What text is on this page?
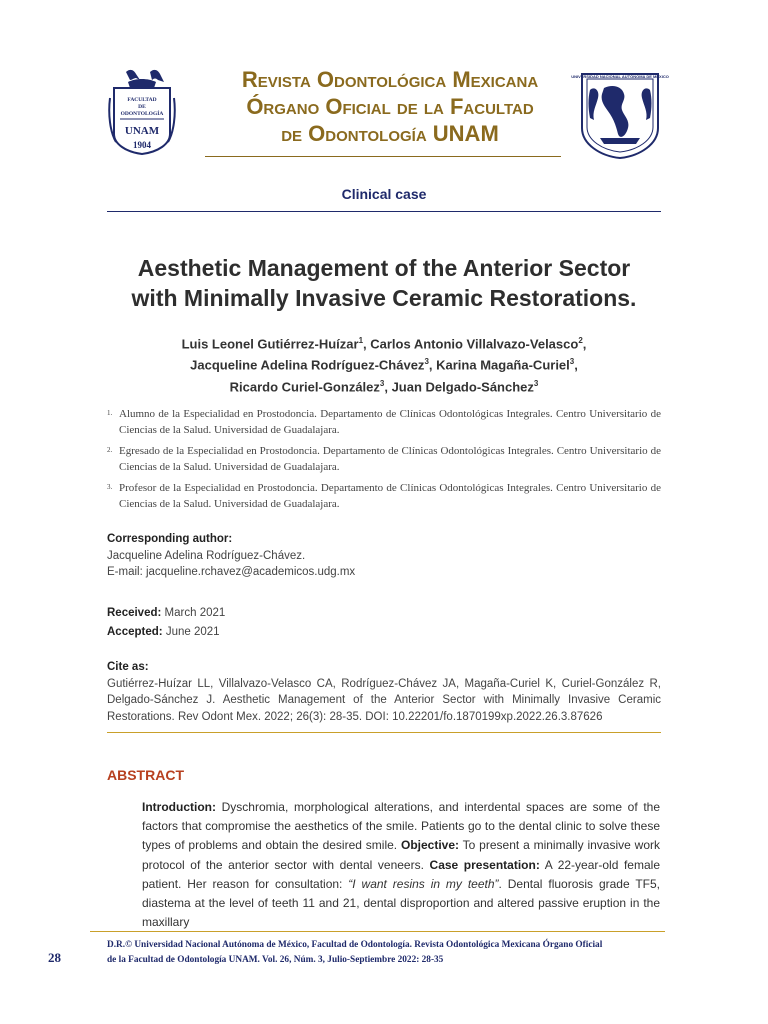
FACULTAD
DE
ODONTOLOGÍA
UNAM
1904
Revista Odontológica Mexicana
Órgano Oficial de la Facultad
de Odontología UNAM
UNIVERSIDAD NACIONAL AUTÓNOMA DE MÉXICO
Clinical case
Aesthetic Management of the Anterior Sector
with Minimally Invasive Ceramic Restorations.
Luis Leonel Gutiérrez-Huízar$^1$, Carlos Antonio Villalvazo-Velasco$^2$,
Jacqueline Adelina Rodríguez-Chávez$^3$, Karina Magaña-Curiel$^3$,
Ricardo Curiel-González$^3$, Juan Delgado-Sánchez$^3$
1. Alumno de la Especialidad en Prostodoncia. Departamento de Clínicas Odontológicas Integrales. Centro Universitario de Ciencias de la Salud. Universidad de Guadalajara.
2. Egresado de la Especialidad en Prostodoncia. Departamento de Clínicas Odontológicas Integrales. Centro Universitario de Ciencias de la Salud. Universidad de Guadalajara.
3. Profesor de la Especialidad en Prostodoncia. Departamento de Clínicas Odontológicas Integrales. Centro Universitario de Ciencias de la Salud. Universidad de Guadalajara.
Corresponding author:
Jacqueline Adelina Rodríguez-Chávez.
E-mail: jacqueline.rchavez@academicos.udg.mx
Received: March 2021
Accepted: June 2021
Cite as:
Gutiérrez-Huízar LL, Villalvazo-Velasco CA, Rodríguez-Chávez JA, Magaña-Curiel K, Curiel-González R, Delgado-Sánchez J. Aesthetic Management of the Anterior Sector with Minimally Invasive Ceramic Restorations. Rev Odont Mex. 2022; 26(3): 28-35. DOI: 10.22201/fo.1870199xp.2022.26.3.87626
ABSTRACT
Introduction: Dyschromia, morphological alterations, and interdental spaces are some of the factors that compromise the aesthetics of the smile. Patients go to the dental clinic to solve these types of problems and obtain the desired smile. Objective: To present a minimally invasive work protocol of the anterior sector with dental veneers. Case presentation: A 22-year-old female patient. Her reason for consultation: “I want resins in my teeth”. Dental fluorosis grade TF5, diastema at the level of teeth 11 and 21, dental disproportion and altered passive eruption in the maxillary
28
D.R.© Universidad Nacional Autónoma de México, Facultad de Odontología. Revista Odontológica Mexicana Órgano Oficial
de la Facultad de Odontología UNAM. Vol. 26, Núm. 3, Julio-Septiembre 2022: 28-35
